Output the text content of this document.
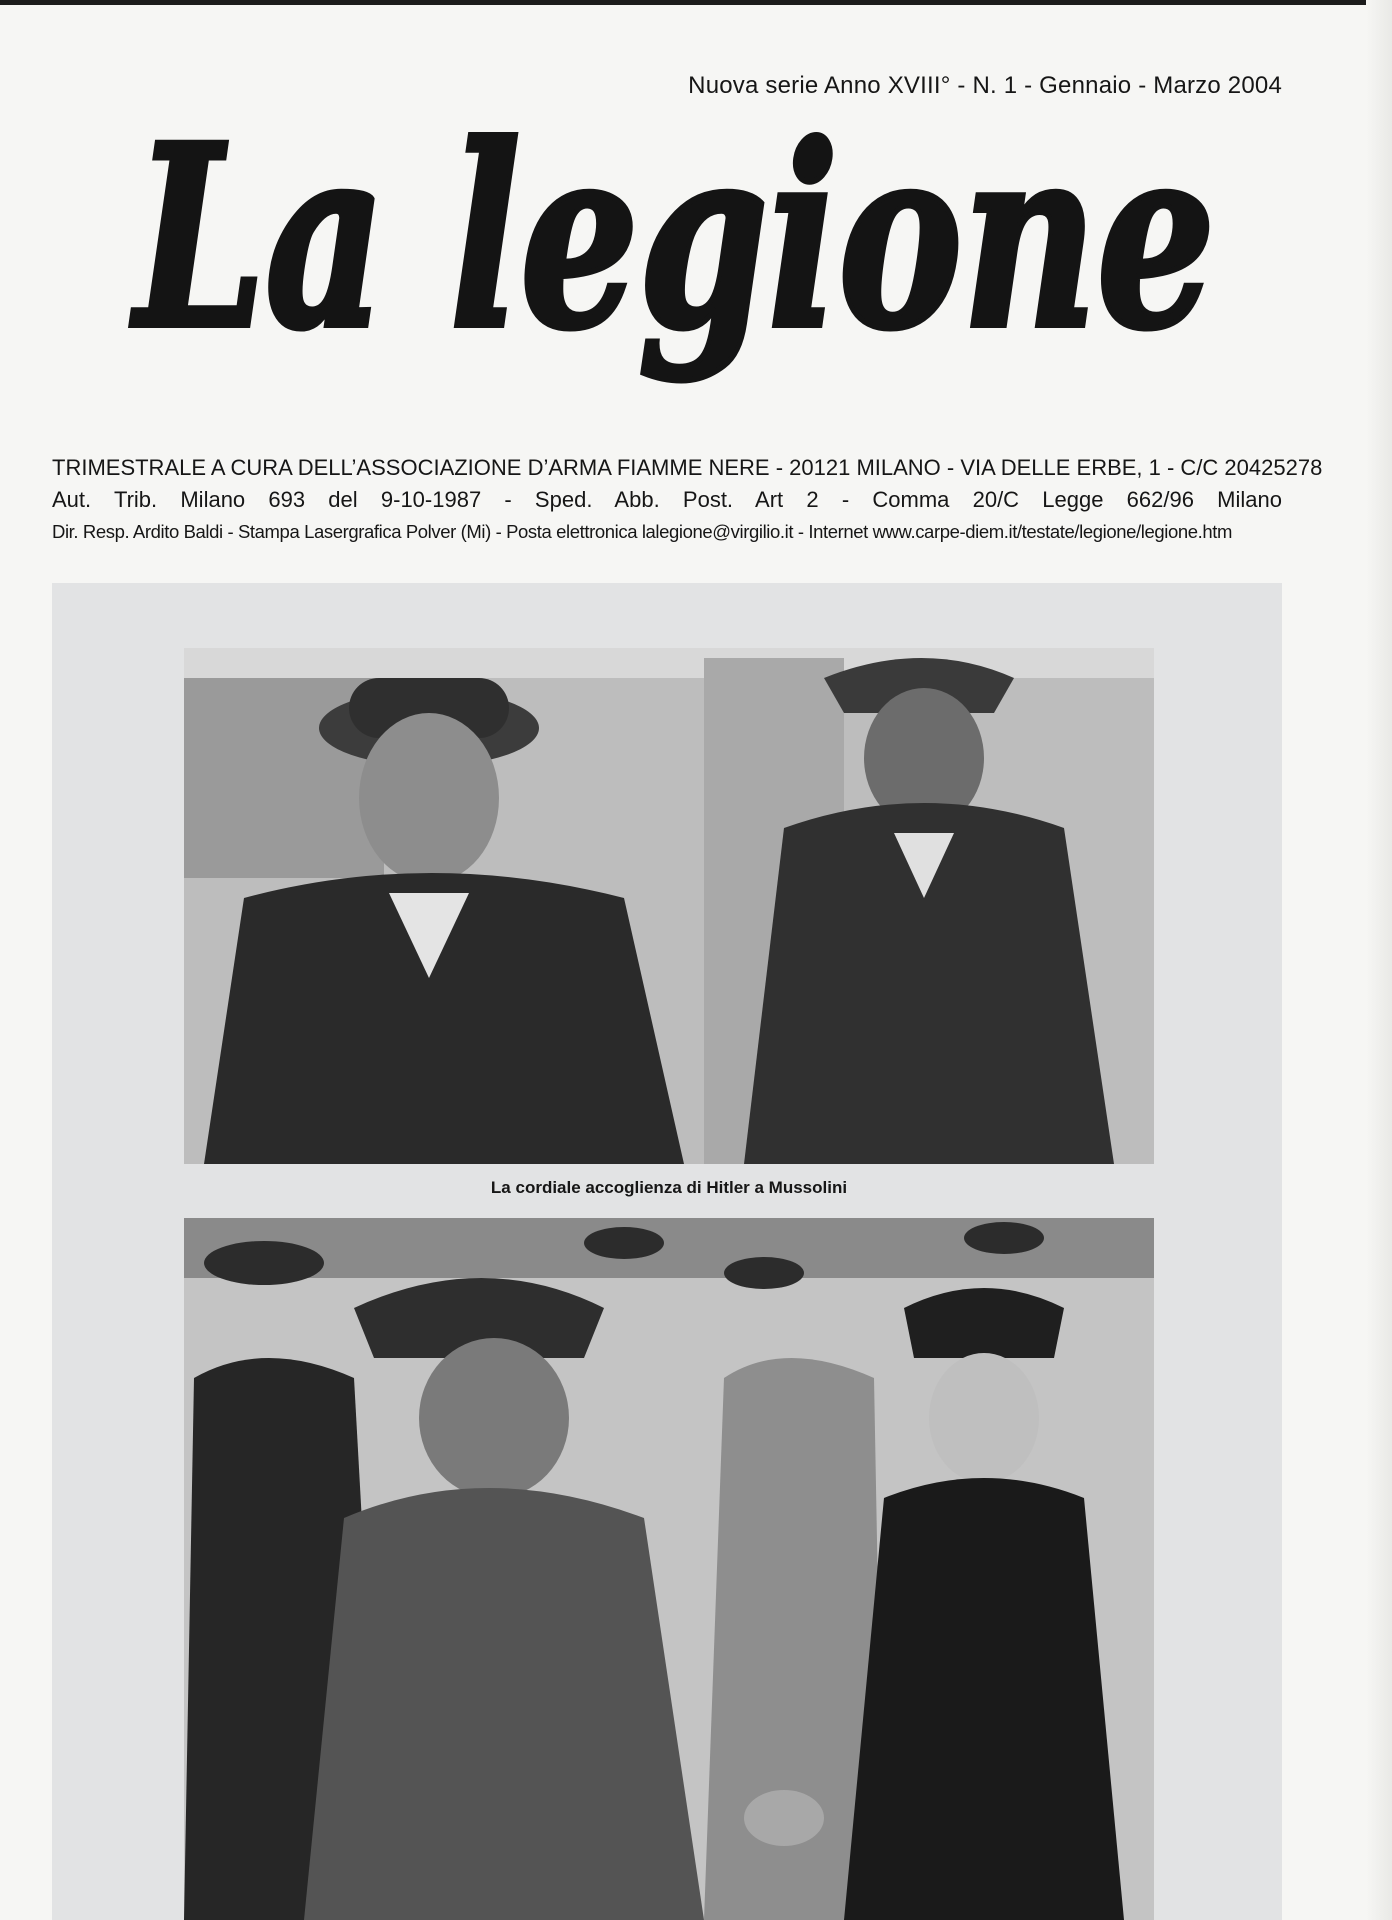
Nuova serie Anno XVIII° - N. 1 - Gennaio - Marzo 2004
La legione
TRIMESTRALE A CURA DELL’ASSOCIAZIONE D’ARMA FIAMME NERE - 20121 MILANO - VIA DELLE ERBE, 1 - C/C 20425278
Aut. Trib. Milano 693 del 9-10-1987 - Sped. Abb. Post. Art 2 - Comma 20/C Legge 662/96 Milano
Dir. Resp. Ardito Baldi - Stampa Lasergrafica Polver (Mi) - Posta elettronica lalegione@virgilio.it - Internet www.carpe-diem.it/testate/legione/legione.htm
La cordiale accoglienza di Hitler a Mussolini
